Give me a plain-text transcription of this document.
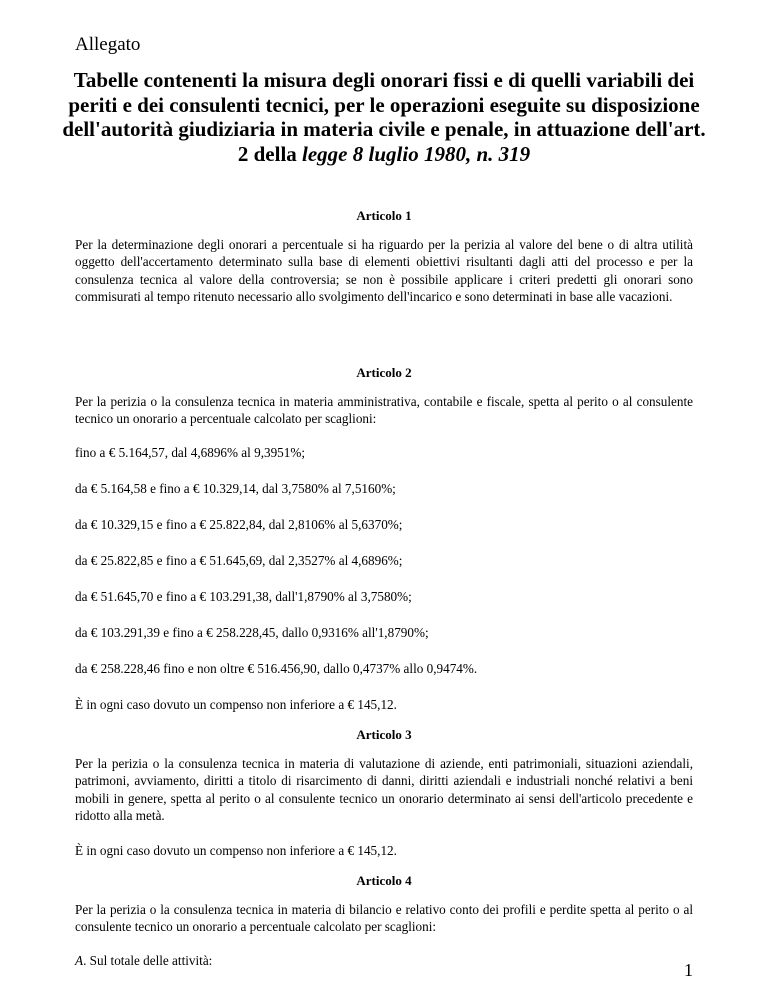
Allegato
Tabelle contenenti la misura degli onorari fissi e di quelli variabili dei periti e dei consulenti tecnici, per le operazioni eseguite su disposizione dell'autorità giudiziaria in materia civile e penale, in attuazione dell'art. 2 della legge 8 luglio 1980, n. 319
Articolo 1

Per la determinazione degli onorari a percentuale si ha riguardo per la perizia al valore del bene o di altra utilità oggetto dell'accertamento determinato sulla base di elementi obiettivi risultanti dagli atti del processo e per la consulenza tecnica al valore della controversia; se non è possibile applicare i criteri predetti gli onorari sono commisurati al tempo ritenuto necessario allo svolgimento dell'incarico e sono determinati in base alle vacazioni.

Articolo 2

Per la perizia o la consulenza tecnica in materia amministrativa, contabile e fiscale, spetta al perito o al consulente tecnico un onorario a percentuale calcolato per scaglioni:

fino a € 5.164,57, dal 4,6896% al 9,3951%;
da € 5.164,58 e fino a € 10.329,14, dal 3,7580% al 7,5160%;
da € 10.329,15 e fino a € 25.822,84, dal 2,8106% al 5,6370%;
da € 25.822,85 e fino a € 51.645,69, dal 2,3527% al 4,6896%;
da € 51.645,70 e fino a € 103.291,38, dall'1,8790% al 3,7580%;
da € 103.291,39 e fino a € 258.228,45, dallo 0,9316% all'1,8790%;
da € 258.228,46 fino e non oltre € 516.456,90, dallo 0,4737% allo 0,9474%.
È in ogni caso dovuto un compenso non inferiore a € 145,12.
Articolo 3

Per la perizia o la consulenza tecnica in materia di valutazione di aziende, enti patrimoniali, situazioni aziendali, patrimoni, avviamento, diritti a titolo di risarcimento di danni, diritti aziendali e industriali nonché relativi a beni mobili in genere, spetta al perito o al consulente tecnico un onorario determinato ai sensi dell'articolo precedente e ridotto alla metà.

È in ogni caso dovuto un compenso non inferiore a € 145,12.
Articolo 4

Per la perizia o la consulenza tecnica in materia di bilancio e relativo conto dei profili e perdite spetta al perito o al consulente tecnico un onorario a percentuale calcolato per scaglioni:

A. Sul totale delle attività:	1
